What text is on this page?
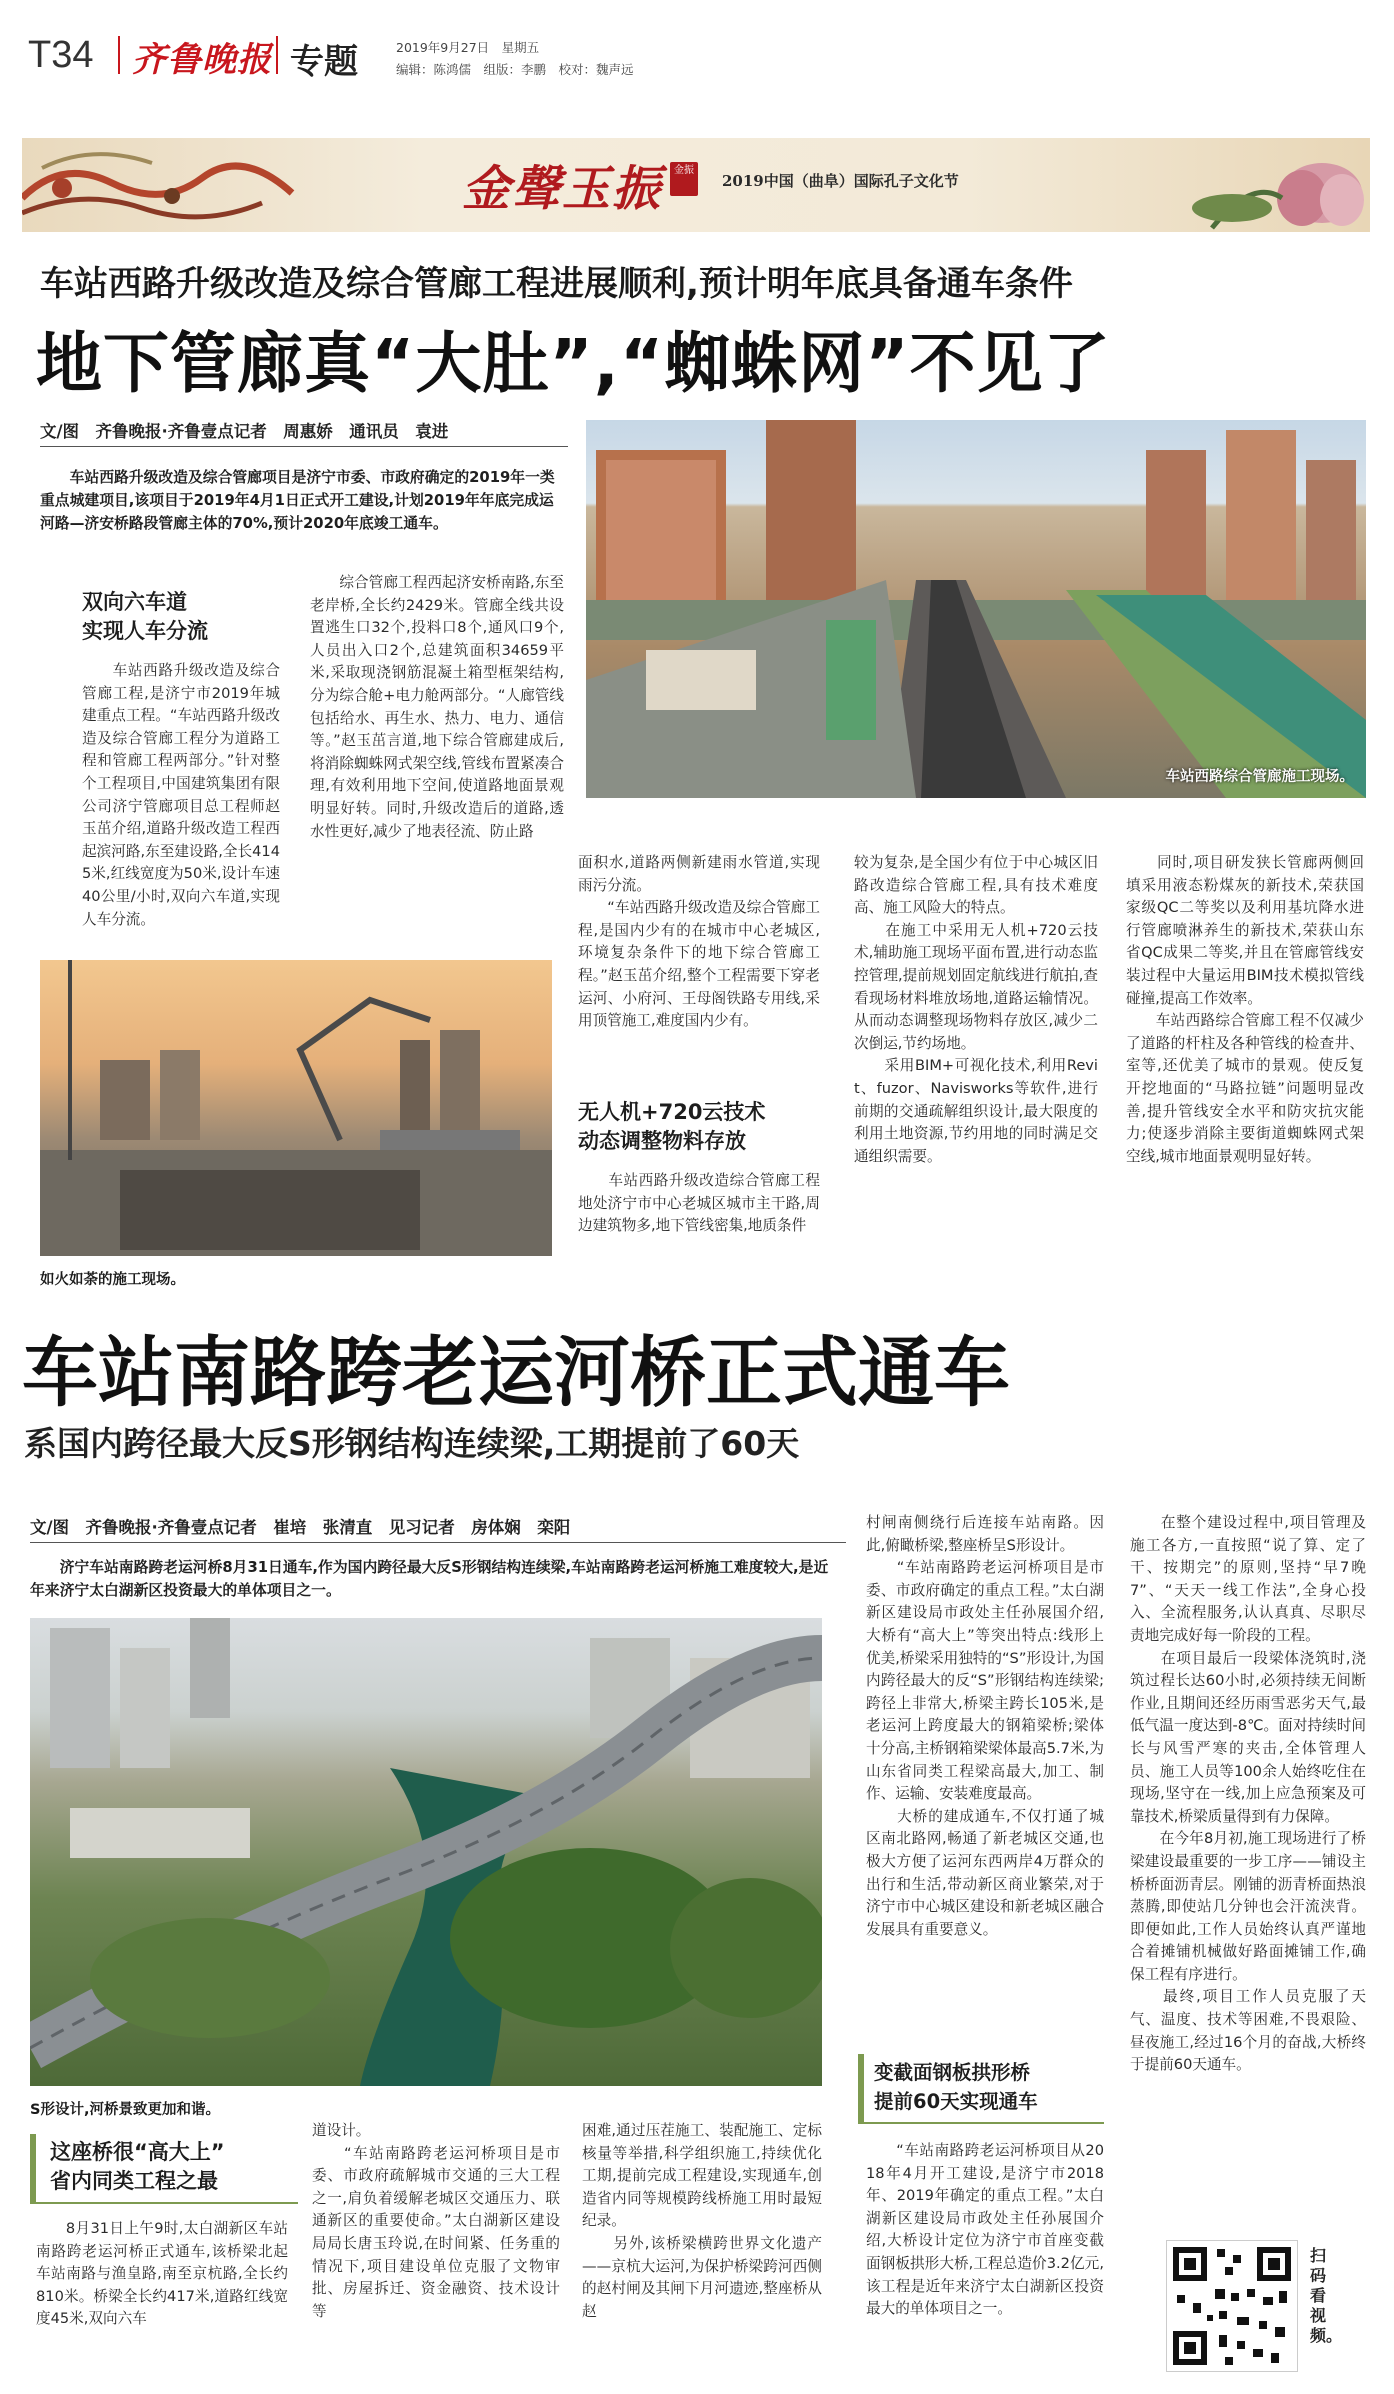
T34 齐鲁晚报 专题	2019年9月27日　星期五
编辑：陈鸿儒　组版：李鹏　校对：魏声远
金聲玉振	金振
2019中国（曲阜）国际孔子文化节
车站西路升级改造及综合管廊工程进展顺利,预计明年底具备通车条件
地下管廊真“大肚”,“蜘蛛网”不见了
文/图　齐鲁晚报·齐鲁壹点记者　周惠娇　通讯员　袁进
　　车站西路升级改造及综合管廊项目是济宁市委、市政府确定的2019年一类重点城建项目,该项目于2019年4月1日正式开工建设,计划2019年年底完成运河路—济安桥路段管廊主体的70%,预计2020年底竣工通车。
双向六车道
实现人车分流
　　车站西路升级改造及综合管廊工程,是济宁市2019年城建重点工程。“车站西路升级改造及综合管廊工程分为道路工程和管廊工程两部分。”针对整个工程项目,中国建筑集团有限公司济宁管廊项目总工程师赵玉茁介绍,道路升级改造工程西起滨河路,东至建设路,全长4145米,红线宽度为50米,设计车速40公里/小时,双向六车道,实现人车分流。
　　综合管廊工程西起济安桥南路,东至老岸桥,全长约2429米。管廊全线共设置逃生口32个,投料口8个,通风口9个,人员出入口2个,总建筑面积34659平米,采取现浇钢筋混凝土箱型框架结构,分为综合舱+电力舱两部分。“人廊管线包括给水、再生水、热力、电力、通信等。”赵玉茁言道,地下综合管廊建成后,将消除蜘蛛网式架空线,管线布置紧凑合理,有效利用地下空间,使道路地面景观明显好转。同时,升级改造后的道路,透水性更好,减少了地表径流、防止路
车站西路综合管廊施工现场。
如火如荼的施工现场。
面积水,道路两侧新建雨水管道,实现雨污分流。
　　“车站西路升级改造及综合管廊工程,是国内少有的在城市中心老城区,环境复杂条件下的地下综合管廊工程。”赵玉茁介绍,整个工程需要下穿老运河、小府河、王母阁铁路专用线,采用顶管施工,难度国内少有。
无人机+720云技术
动态调整物料存放
　　车站西路升级改造综合管廊工程地处济宁市中心老城区城市主干路,周边建筑物多,地下管线密集,地质条件
较为复杂,是全国少有位于中心城区旧路改造综合管廊工程,具有技术难度高、施工风险大的特点。
　　在施工中采用无人机+720云技术,辅助施工现场平面布置,进行动态监控管理,提前规划固定航线进行航拍,查看现场材料堆放场地,道路运输情况。从而动态调整现场物料存放区,减少二次倒运,节约场地。
　　采用BIM+可视化技术,利用Revit、fuzor、Navisworks等软件,进行前期的交通疏解组织设计,最大限度的利用土地资源,节约用地的同时满足交通组织需要。
　　同时,项目研发狭长管廊两侧回填采用液态粉煤灰的新技术,荣获国家级QC二等奖以及利用基坑降水进行管廊喷淋养生的新技术,荣获山东省QC成果二等奖,并且在管廊管线安装过程中大量运用BIM技术模拟管线碰撞,提高工作效率。
　　车站西路综合管廊工程不仅减少了道路的杆柱及各种管线的检查井、室等,还优美了城市的景观。使反复开挖地面的“马路拉链”问题明显改善,提升管线安全水平和防灾抗灾能力;使逐步消除主要街道蜘蛛网式架空线,城市地面景观明显好转。
车站南路跨老运河桥正式通车
系国内跨径最大反S形钢结构连续梁,工期提前了60天
文/图　齐鲁晚报·齐鲁壹点记者　崔培　张清直　见习记者　房体娴　栾阳
　　济宁车站南路跨老运河桥8月31日通车,作为国内跨径最大反S形钢结构连续梁,车站南路跨老运河桥施工难度较大,是近年来济宁太白湖新区投资最大的单体项目之一。
S形设计,河桥景致更加和谐。
这座桥很“高大上”
省内同类工程之最
　　8月31日上午9时,太白湖新区车站南路跨老运河桥正式通车,该桥梁北起车站南路与渔皇路,南至京杭路,全长约810米。桥梁全长约417米,道路红线宽度45米,双向六车
道设计。
　　“车站南路跨老运河桥项目是市委、市政府疏解城市交通的三大工程之一,肩负着缓解老城区交通压力、联通新区的重要使命。”太白湖新区建设局局长唐玉玲说,在时间紧、任务重的情况下,项目建设单位克服了文物审批、房屋拆迁、资金融资、技术设计等
困难,通过压茬施工、装配施工、定标核量等举措,科学组织施工,持续优化工期,提前完成工程建设,实现通车,创造省内同等规模跨线桥施工用时最短纪录。
　　另外,该桥梁横跨世界文化遗产——京杭大运河,为保护桥梁跨河西侧的赵村闸及其闸下月河遗迹,整座桥从赵
村闸南侧绕行后连接车站南路。因此,俯瞰桥梁,整座桥呈S形设计。
　　“车站南路跨老运河桥项目是市委、市政府确定的重点工程。”太白湖新区建设局市政处主任孙展国介绍,大桥有“高大上”等突出特点:线形上优美,桥梁采用独特的“S”形设计,为国内跨径最大的反“S”形钢结构连续梁;跨径上非常大,桥梁主跨长105米,是老运河上跨度最大的钢箱梁桥;梁体十分高,主桥钢箱梁梁体最高5.7米,为山东省同类工程梁高最大,加工、制作、运输、安装难度最高。
　　大桥的建成通车,不仅打通了城区南北路网,畅通了新老城区交通,也极大方便了运河东西两岸4万群众的出行和生活,带动新区商业繁荣,对于济宁市中心城区建设和新老城区融合发展具有重要意义。
变截面钢板拱形桥
提前60天实现通车
　　“车站南路跨老运河桥项目从2018年4月开工建设,是济宁市2018年、2019年确定的重点工程。”太白湖新区建设局市政处主任孙展国介绍,大桥设计定位为济宁市首座变截面钢板拱形大桥,工程总造价3.2亿元,该工程是近年来济宁太白湖新区投资最大的单体项目之一。
　　在整个建设过程中,项目管理及施工各方,一直按照“说了算、定了干、按期完”的原则,坚持“早7晚7”、“天天一线工作法”,全身心投入、全流程服务,认认真真、尽职尽责地完成好每一阶段的工程。
　　在项目最后一段梁体浇筑时,浇筑过程长达60小时,必须持续无间断作业,且期间还经历雨雪恶劣天气,最低气温一度达到-8℃。面对持续时间长与风雪严寒的夹击,全体管理人员、施工人员等100余人始终吃住在现场,坚守在一线,加上应急预案及可靠技术,桥梁质量得到有力保障。
　　在今年8月初,施工现场进行了桥梁建设最重要的一步工序——铺设主桥桥面沥青层。刚铺的沥青桥面热浪蒸腾,即使站几分钟也会汗流浃背。即便如此,工作人员始终认真严谨地合着摊铺机械做好路面摊铺工作,确保工程有序进行。
　　最终,项目工作人员克服了天气、温度、技术等困难,不畏艰险、昼夜施工,经过16个月的奋战,大桥终于提前60天通车。
扫码看视频。
